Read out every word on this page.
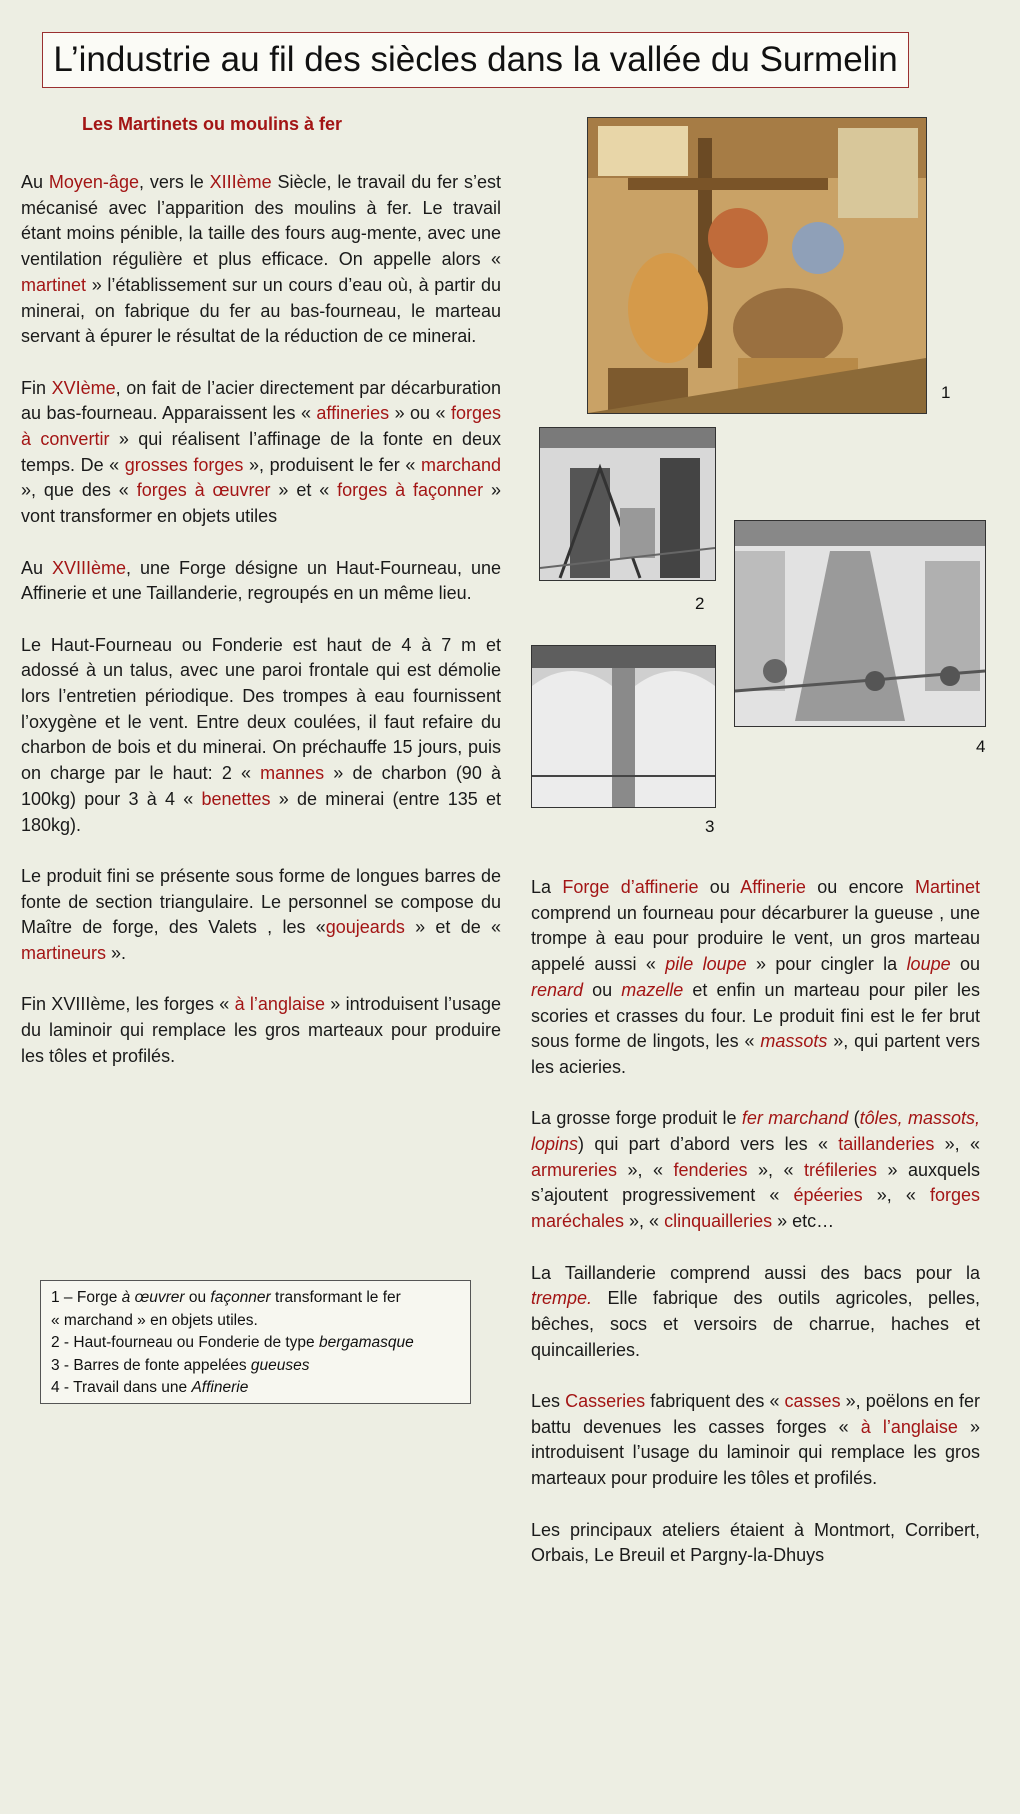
L’industrie au fil des siècles dans la vallée du Surmelin
Les Martinets ou moulins à fer

Au Moyen-âge, vers le XIIIème Siècle, le travail du fer s’est mécanisé avec l’apparition des moulins à fer. Le travail étant moins pénible, la taille des fours aug-mente, avec une ventilation régulière et plus efficace. On appelle alors « martinet » l’établissement sur un cours d’eau où, à partir du minerai, on fabrique du fer au bas-fourneau, le marteau servant à épurer le résultat de la réduction de ce minerai.

Fin XVIème, on fait de l’acier directement par décarburation au bas-fourneau. Apparaissent les « affineries » ou « forges à convertir » qui réalisent l’affinage de la fonte en deux temps. De « grosses forges », produisent le fer « marchand », que des « forges à œuvrer » et « forges à façonner » vont transformer en objets utiles

Au XVIIIème, une Forge désigne un Haut-Fourneau, une Affinerie et une Taillanderie, regroupés en un même lieu.

Le Haut-Fourneau ou Fonderie est haut de 4 à 7 m et adossé à un talus, avec une paroi frontale qui est démolie lors l’entretien périodique. Des trompes à eau fournissent l’oxygène et le vent. Entre deux coulées, il faut refaire du charbon de bois et du minerai. On préchauffe 15 jours, puis on charge par le haut: 2 « mannes » de charbon (90 à 100kg) pour 3 à 4 « benettes » de minerai (entre 135 et 180kg).

Le produit fini se présente sous forme de longues barres de fonte de section triangulaire. Le personnel se compose du Maître de forge, des Valets , les «goujeards » et de « martineurs ».

Fin XVIIIème, les forges « à l’anglaise » introduisent l’usage du laminoir qui remplace les gros marteaux pour produire les tôles et profilés.

1
2
4
3
1 – Forge à œuvrer ou façonner transformant le fer
« marchand » en objets utiles.
2 - Haut-fourneau ou Fonderie de type bergamasque
3 - Barres de fonte appelées gueuses
4 - Travail dans une Affinerie

La Forge d’affinerie ou Affinerie ou encore Martinet comprend un fourneau pour décarburer la gueuse , une trompe à eau pour produire le vent, un gros marteau appelé aussi « pile loupe » pour cingler la loupe ou renard ou mazelle et enfin un marteau pour piler les scories et crasses du four. Le produit fini est le fer brut sous forme de lingots, les « massots », qui partent vers les acieries.

La grosse forge produit le fer marchand (tôles, massots, lopins) qui part d’abord vers les « taillanderies », « armureries », « fenderies », « tréfileries » auxquels s’ajoutent progressivement « épéeries », « forges maréchales », « clinquailleries » etc…

La Taillanderie comprend aussi des bacs pour la trempe. Elle fabrique des outils agricoles, pelles, bêches, socs et versoirs de charrue, haches et quincailleries.

Les Casseries fabriquent des « casses », poëlons en fer battu devenues les casses forges « à l’anglaise » introduisent l’usage du laminoir qui remplace les gros marteaux pour produire les tôles et profilés.

Les principaux ateliers étaient à Montmort, Corribert, Orbais, Le Breuil et Pargny-la-Dhuys
